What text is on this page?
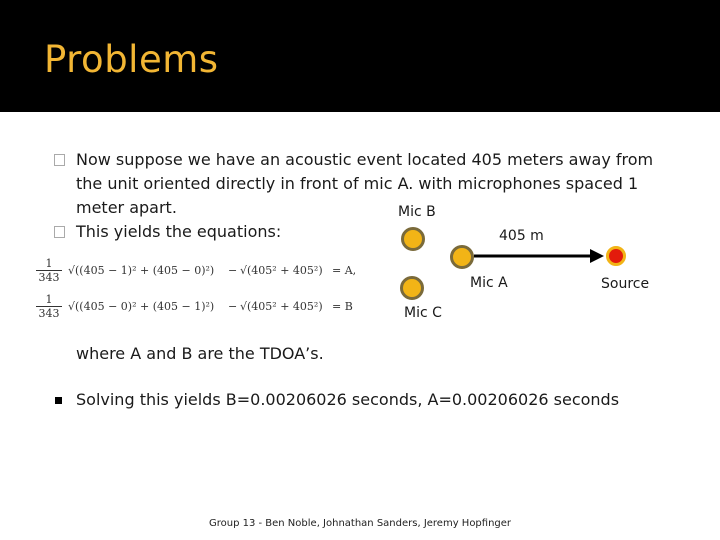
Problems
Now suppose we have an acoustic event located 405 meters away from
the unit oriented directly in front of mic A. with microphones spaced 1
meter apart.
This yields the equations:
$\frac{1}{343} √((405 - 1)^2 + (405 - 0)^2) - √(405^2 + 405^2) = A$,
$\frac{1}{343} √((405 - 0)^2 + (405 - 1)^2) - √(405^2 + 405^2) = B$
Mic B
405 m
Mic A	Source
Mic C
where A and B are the TDOA’s.
Solving this yields B=0.00206026 seconds, A=0.00206026 seconds
Group 13 - Ben Noble, Johnathan Sanders, Jeremy Hopfinger
